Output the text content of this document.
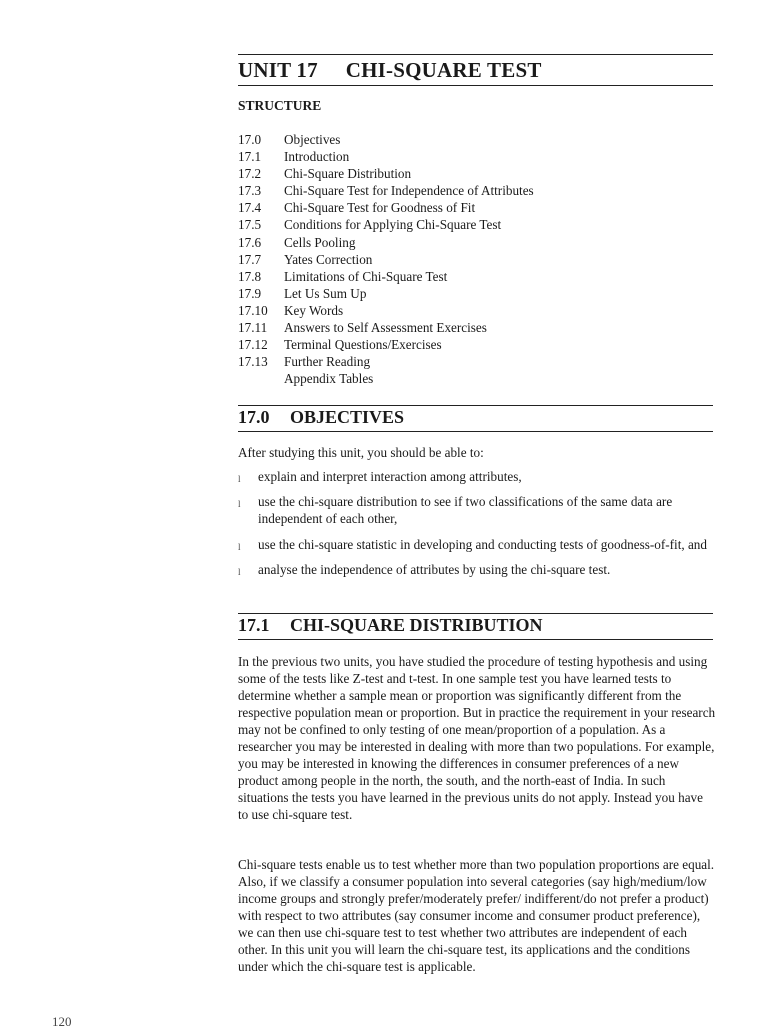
UNIT 17 CHI-SQUARE TEST

STRUCTURE

17.0 Objectives
17.1 Introduction
17.2 Chi-Square Distribution
17.3 Chi-Square Test for Independence of Attributes
17.4 Chi-Square Test for Goodness of Fit
17.5 Conditions for Applying Chi-Square Test
17.6 Cells Pooling
17.7 Yates Correction
17.8 Limitations of Chi-Square Test
17.9 Let Us Sum Up
17.10 Key Words
17.11 Answers to Self Assessment Exercises
17.12 Terminal Questions/Exercises
17.13 Further Reading
Appendix Tables
17.0 OBJECTIVES

After studying this unit, you should be able to:

l explain and interpret interaction among attributes,
l use the chi-square distribution to see if two classifications of the same data are independent of each other,
l use the chi-square statistic in developing and conducting tests of goodness-of-fit, and
l analyse the independence of attributes by using the chi-square test.
17.1 CHI-SQUARE DISTRIBUTION

In the previous two units, you have studied the procedure of testing hypothesis and using some of the tests like Z-test and t-test. In one sample test you have learned tests to determine whether a sample mean or proportion was significantly different from the respective population mean or proportion. But in practice the requirement in your research may not be confined to only testing of one mean/proportion of a population. As a researcher you may be interested in dealing with more than two populations. For example, you may be interested in knowing the differences in consumer preferences of a new product among people in the north, the south, and the north-east of India. In such situations the tests you have learned in the previous units do not apply. Instead you have to use chi-square test.

Chi-square tests enable us to test whether more than two population proportions are equal. Also, if we classify a consumer population into several categories (say high/medium/low income groups and strongly prefer/moderately prefer/ indifferent/do not prefer a product) with respect to two attributes (say consumer income and consumer product preference), we can then use chi-square test to test whether two attributes are independent of each other. In this unit you will learn the chi-square test, its applications and the conditions under which the chi-square test is applicable.

120
